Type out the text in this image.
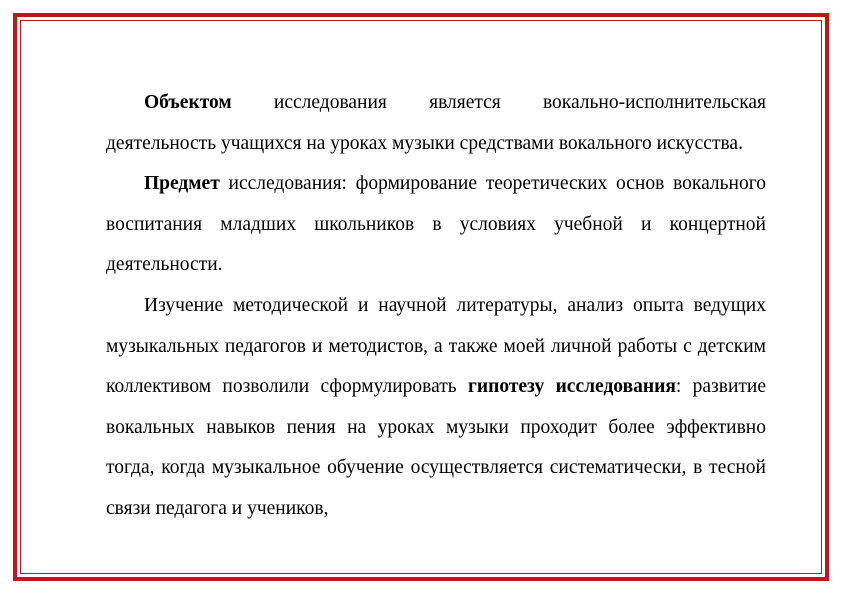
Объектом исследования является вокально-исполнительская деятельность учащихся на уроках музыки средствами вокального искусства.

Предмет исследования: формирование теоретических основ вокального воспитания младших школьников в условиях учебной и концертной деятельности.

Изучение методической и научной литературы, анализ опыта ведущих музыкальных педагогов и методистов, а также моей личной работы с детским коллективом позволили сформулировать гипотезу исследования: развитие вокальных навыков пения на уроках музыки проходит более эффективно тогда, когда музыкальное обучение осуществляется систематически, в тесной связи педагога и учеников,
